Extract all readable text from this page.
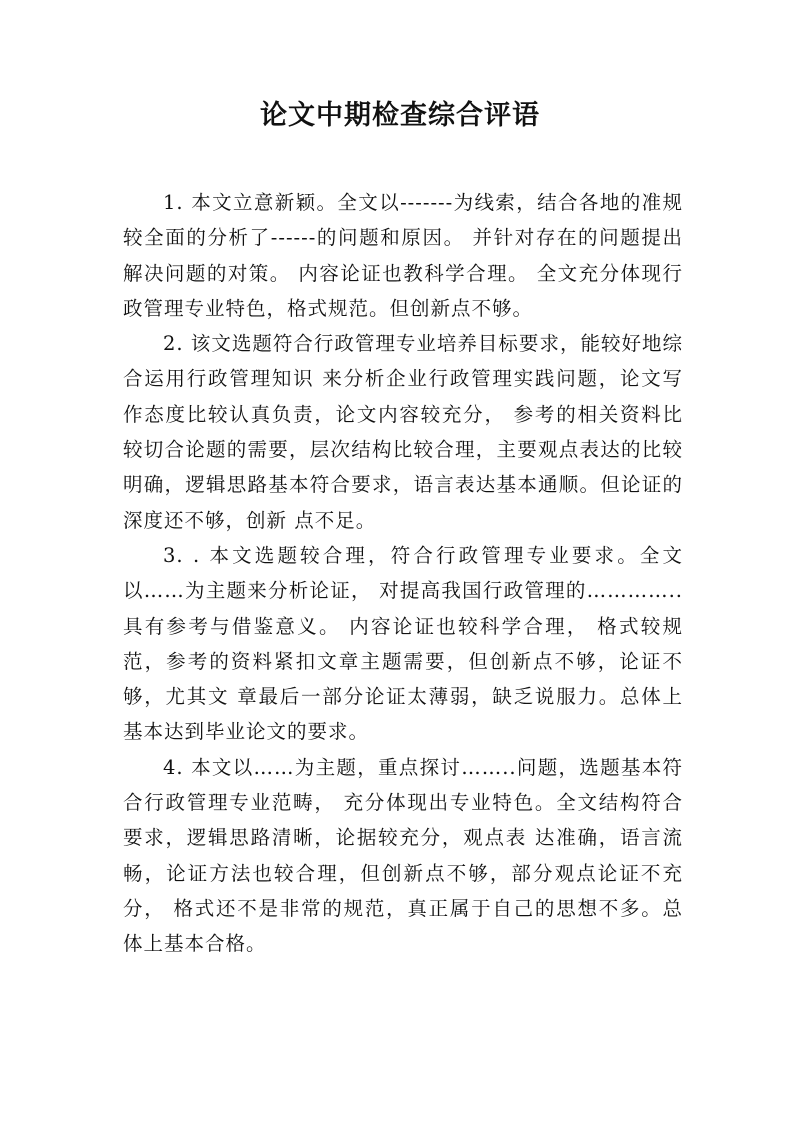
论文中期检查综合评语

1. 本文立意新颖。全文以-------为线索，结合各地的准规较全面的分析了------的问题和原因。 并针对存在的问题提出解决问题的对策。 内容论证也教科学合理。 全文充分体现行政管理专业特色，格式规范。但创新点不够。

2. 该文选题符合行政管理专业培养目标要求，能较好地综合运用行政管理知识 来分析企业行政管理实践问题，论文写作态度比较认真负责，论文内容较充分， 参考的相关资料比较切合论题的需要，层次结构比较合理，主要观点表达的比较 明确，逻辑思路基本符合要求，语言表达基本通顺。但论证的深度还不够，创新 点不足。

3. . 本文选题较合理，符合行政管理专业要求。全文以……为主题来分析论证， 对提高我国行政管理的…………..具有参考与借鉴意义。 内容论证也较科学合理， 格式较规范，参考的资料紧扣文章主题需要，但创新点不够，论证不够，尤其文 章最后一部分论证太薄弱，缺乏说服力。总体上基本达到毕业论文的要求。

4. 本文以……为主题，重点探讨……..问题，选题基本符合行政管理专业范畴， 充分体现出专业特色。全文结构符合要求，逻辑思路清晰，论据较充分，观点表 达准确，语言流畅，论证方法也较合理，但创新点不够，部分观点论证不充分， 格式还不是非常的规范，真正属于自己的思想不多。总体上基本合格。
